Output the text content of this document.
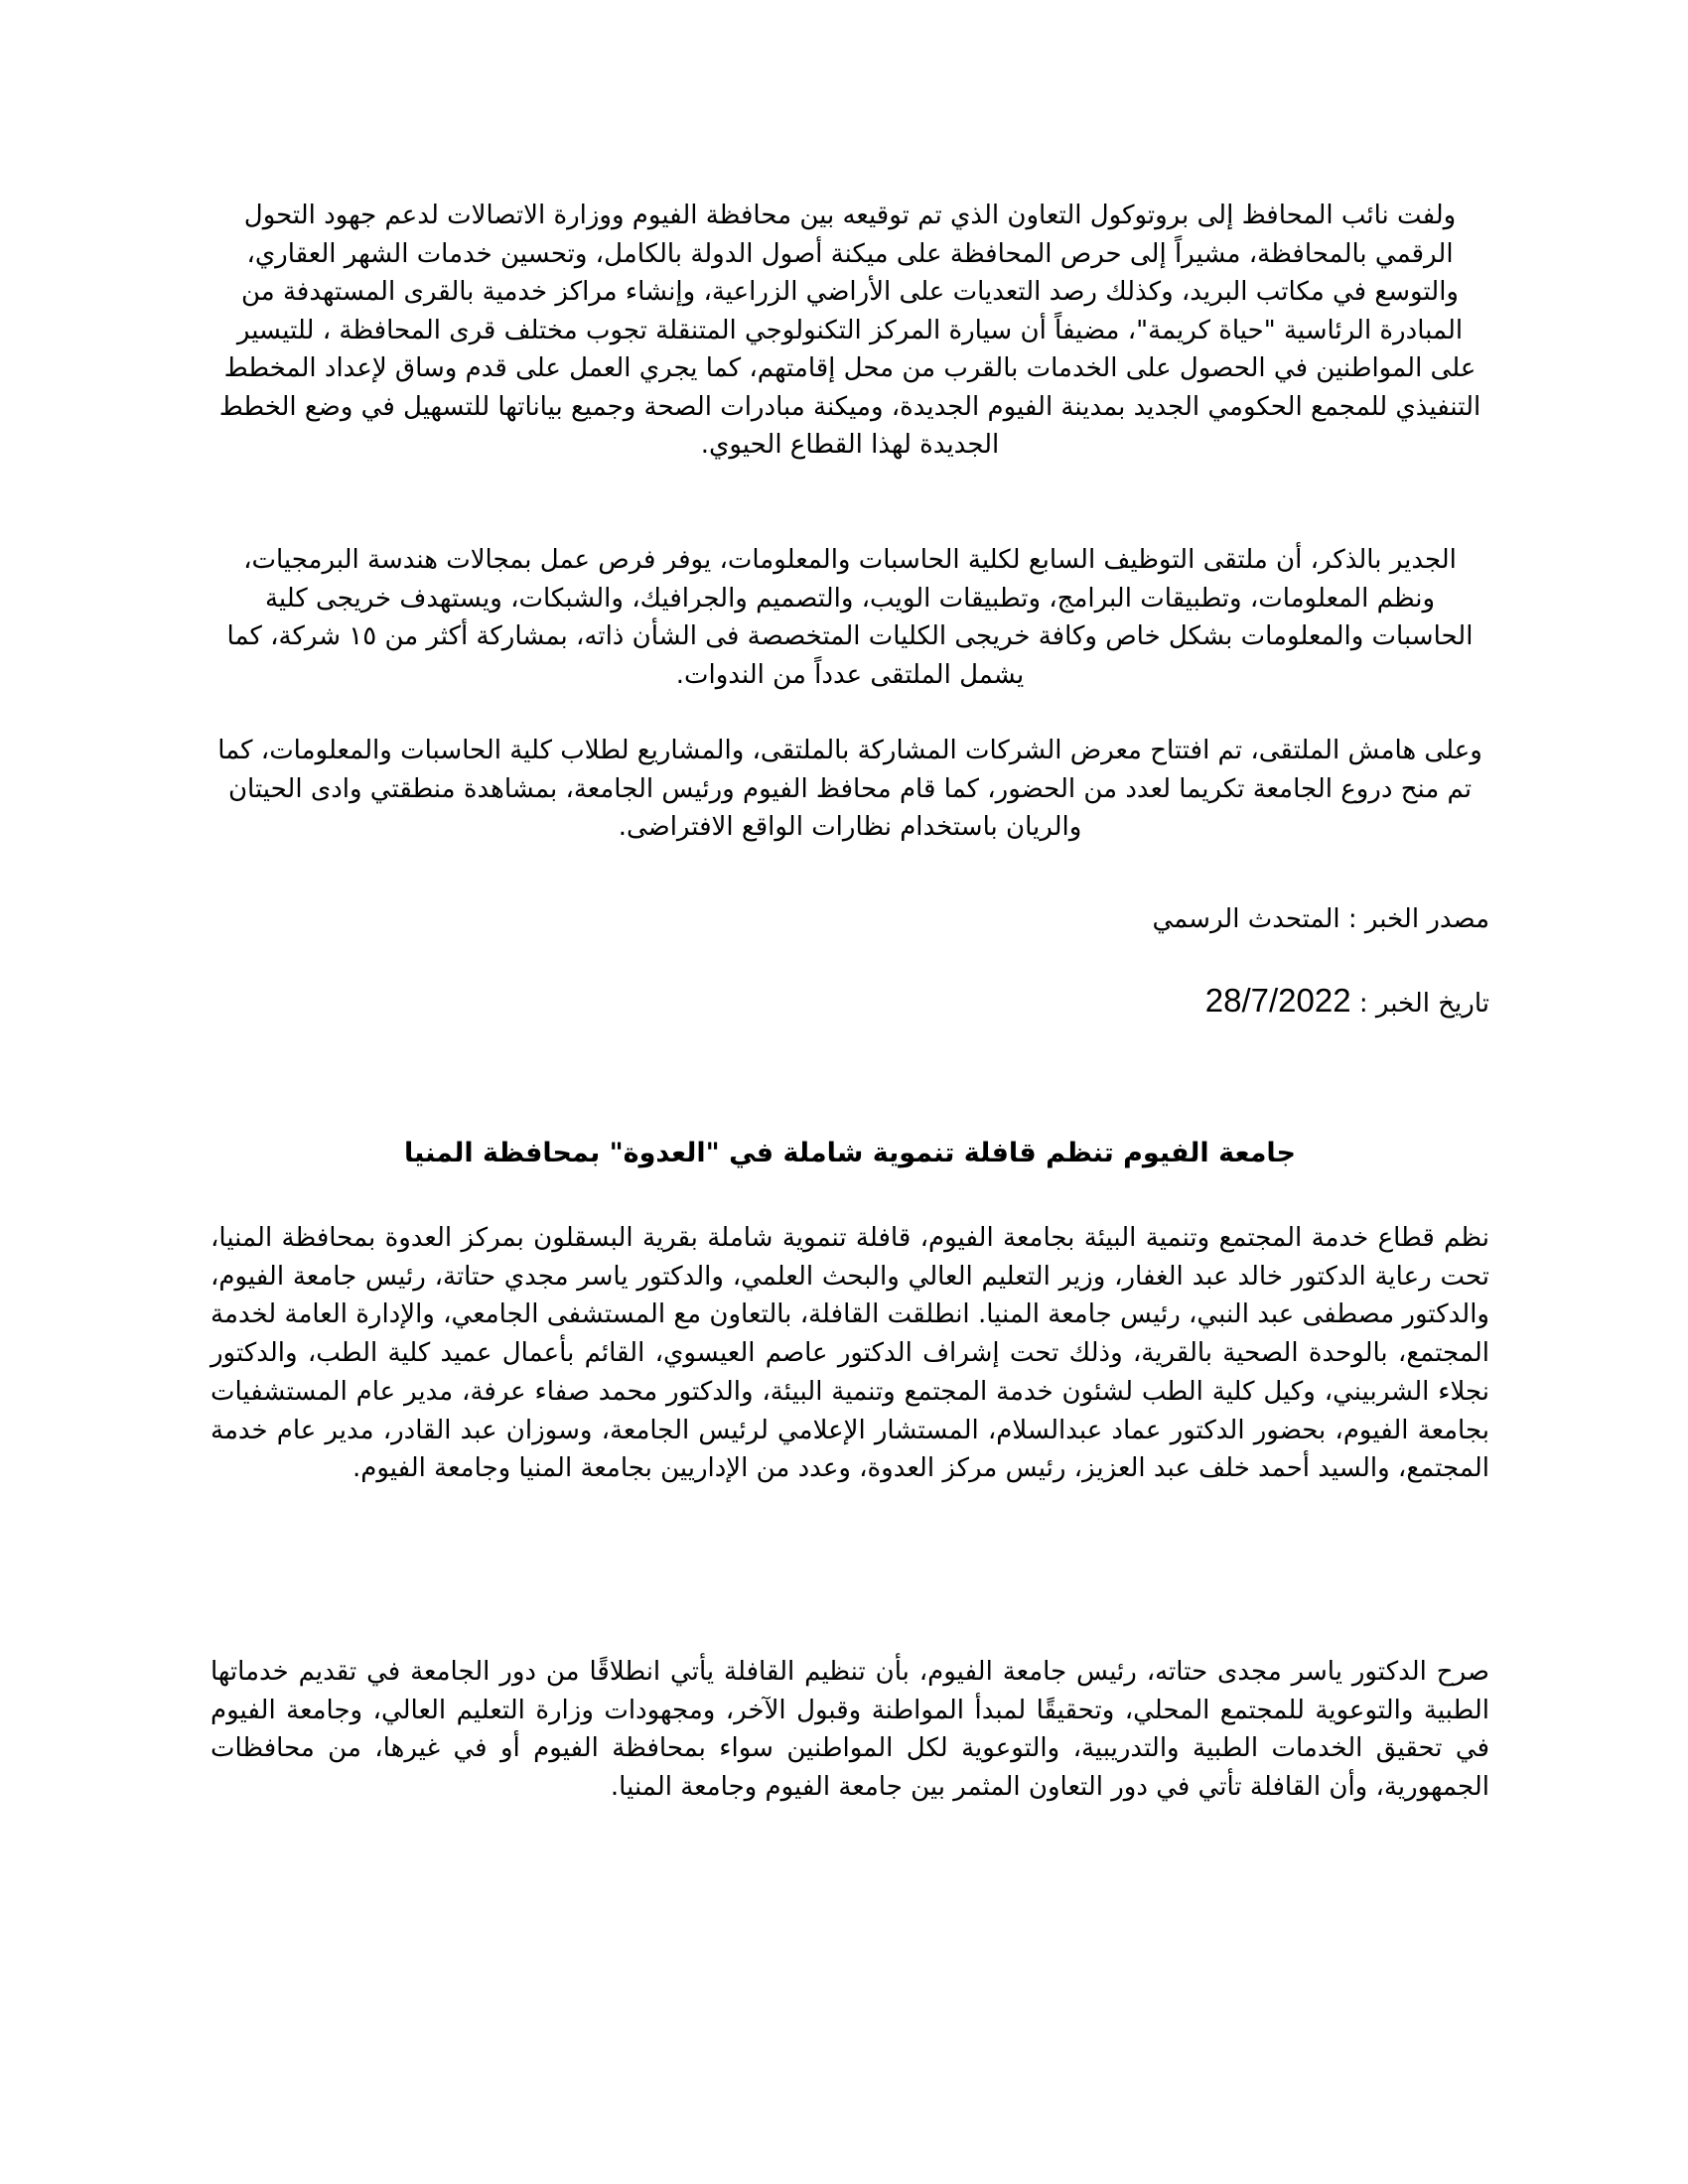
ولفت نائب المحافظ إلى بروتوكول التعاون الذي تم توقيعه بين محافظة الفيوم ووزارة الاتصالات لدعم جهود التحول الرقمي بالمحافظة، مشيراً إلى حرص المحافظة على ميكنة أصول الدولة بالكامل، وتحسين خدمات الشهر العقاري، والتوسع في مكاتب البريد، وكذلك رصد التعديات على الأراضي الزراعية، وإنشاء مراكز خدمية بالقرى المستهدفة من المبادرة الرئاسية "حياة كريمة"، مضيفاً أن سيارة المركز التكنولوجي المتنقلة تجوب مختلف قرى المحافظة ، للتيسير على المواطنين في الحصول على الخدمات بالقرب من محل إقامتهم، كما يجري العمل على قدم وساق لإعداد المخطط التنفيذي للمجمع الحكومي الجديد بمدينة الفيوم الجديدة، وميكنة مبادرات الصحة وجميع بياناتها للتسهيل في وضع الخطط الجديدة لهذا القطاع الحيوي.

الجدير بالذكر، أن ملتقى التوظيف السابع لكلية الحاسبات والمعلومات، يوفر فرص عمل بمجالات هندسة البرمجيات، ونظم المعلومات، وتطبيقات البرامج، وتطبيقات الويب، والتصميم والجرافيك، والشبكات، ويستهدف خريجى كلية الحاسبات والمعلومات بشكل خاص وكافة خريجى الكليات المتخصصة فى الشأن ذاته، بمشاركة أكثر من ١٥ شركة، كما يشمل الملتقى عدداً من الندوات.

وعلى هامش الملتقى، تم افتتاح معرض الشركات المشاركة بالملتقى، والمشاريع لطلاب كلية الحاسبات والمعلومات، كما تم منح دروع الجامعة تكريما لعدد من الحضور، كما قام محافظ الفيوم ورئيس الجامعة، بمشاهدة منطقتي وادى الحيتان والريان باستخدام نظارات الواقع الافتراضى.

مصدر الخبر : المتحدث الرسمي

تاريخ الخبر : 28/7/2022

جامعة الفيوم تنظم قافلة تنموية شاملة في "العدوة" بمحافظة المنيا

نظم قطاع خدمة المجتمع وتنمية البيئة بجامعة الفيوم، قافلة تنموية شاملة بقرية البسقلون بمركز العدوة بمحافظة المنيا، تحت رعاية الدكتور خالد عبد الغفار، وزير التعليم العالي والبحث العلمي، والدكتور ياسر مجدي حتاتة، رئيس جامعة الفيوم، والدكتور مصطفى عبد النبي، رئيس جامعة المنيا. انطلقت القافلة، بالتعاون مع المستشفى الجامعي، والإدارة العامة لخدمة المجتمع، بالوحدة الصحية بالقرية، وذلك تحت إشراف الدكتور عاصم العيسوي، القائم بأعمال عميد كلية الطب، والدكتور نجلاء الشربيني، وكيل كلية الطب لشئون خدمة المجتمع وتنمية البيئة، والدكتور محمد صفاء عرفة، مدير عام المستشفيات بجامعة الفيوم، بحضور الدكتور عماد عبدالسلام، المستشار الإعلامي لرئيس الجامعة، وسوزان عبد القادر، مدير عام خدمة المجتمع، والسيد أحمد خلف عبد العزيز، رئيس مركز العدوة، وعدد من الإداريين بجامعة المنيا وجامعة الفيوم.

صرح الدكتور ياسر مجدى حتاته، رئيس جامعة الفيوم، بأن تنظيم القافلة يأتي انطلاقًا من دور الجامعة في تقديم خدماتها الطبية والتوعوية للمجتمع المحلي، وتحقيقًا لمبدأ المواطنة وقبول الآخر، ومجهودات وزارة التعليم العالي، وجامعة الفيوم في تحقيق الخدمات الطبية والتدريبية، والتوعوية لكل المواطنين سواء بمحافظة الفيوم أو في غيرها، من محافظات الجمهورية، وأن القافلة تأتي في دور التعاون المثمر بين جامعة الفيوم وجامعة المنيا.
